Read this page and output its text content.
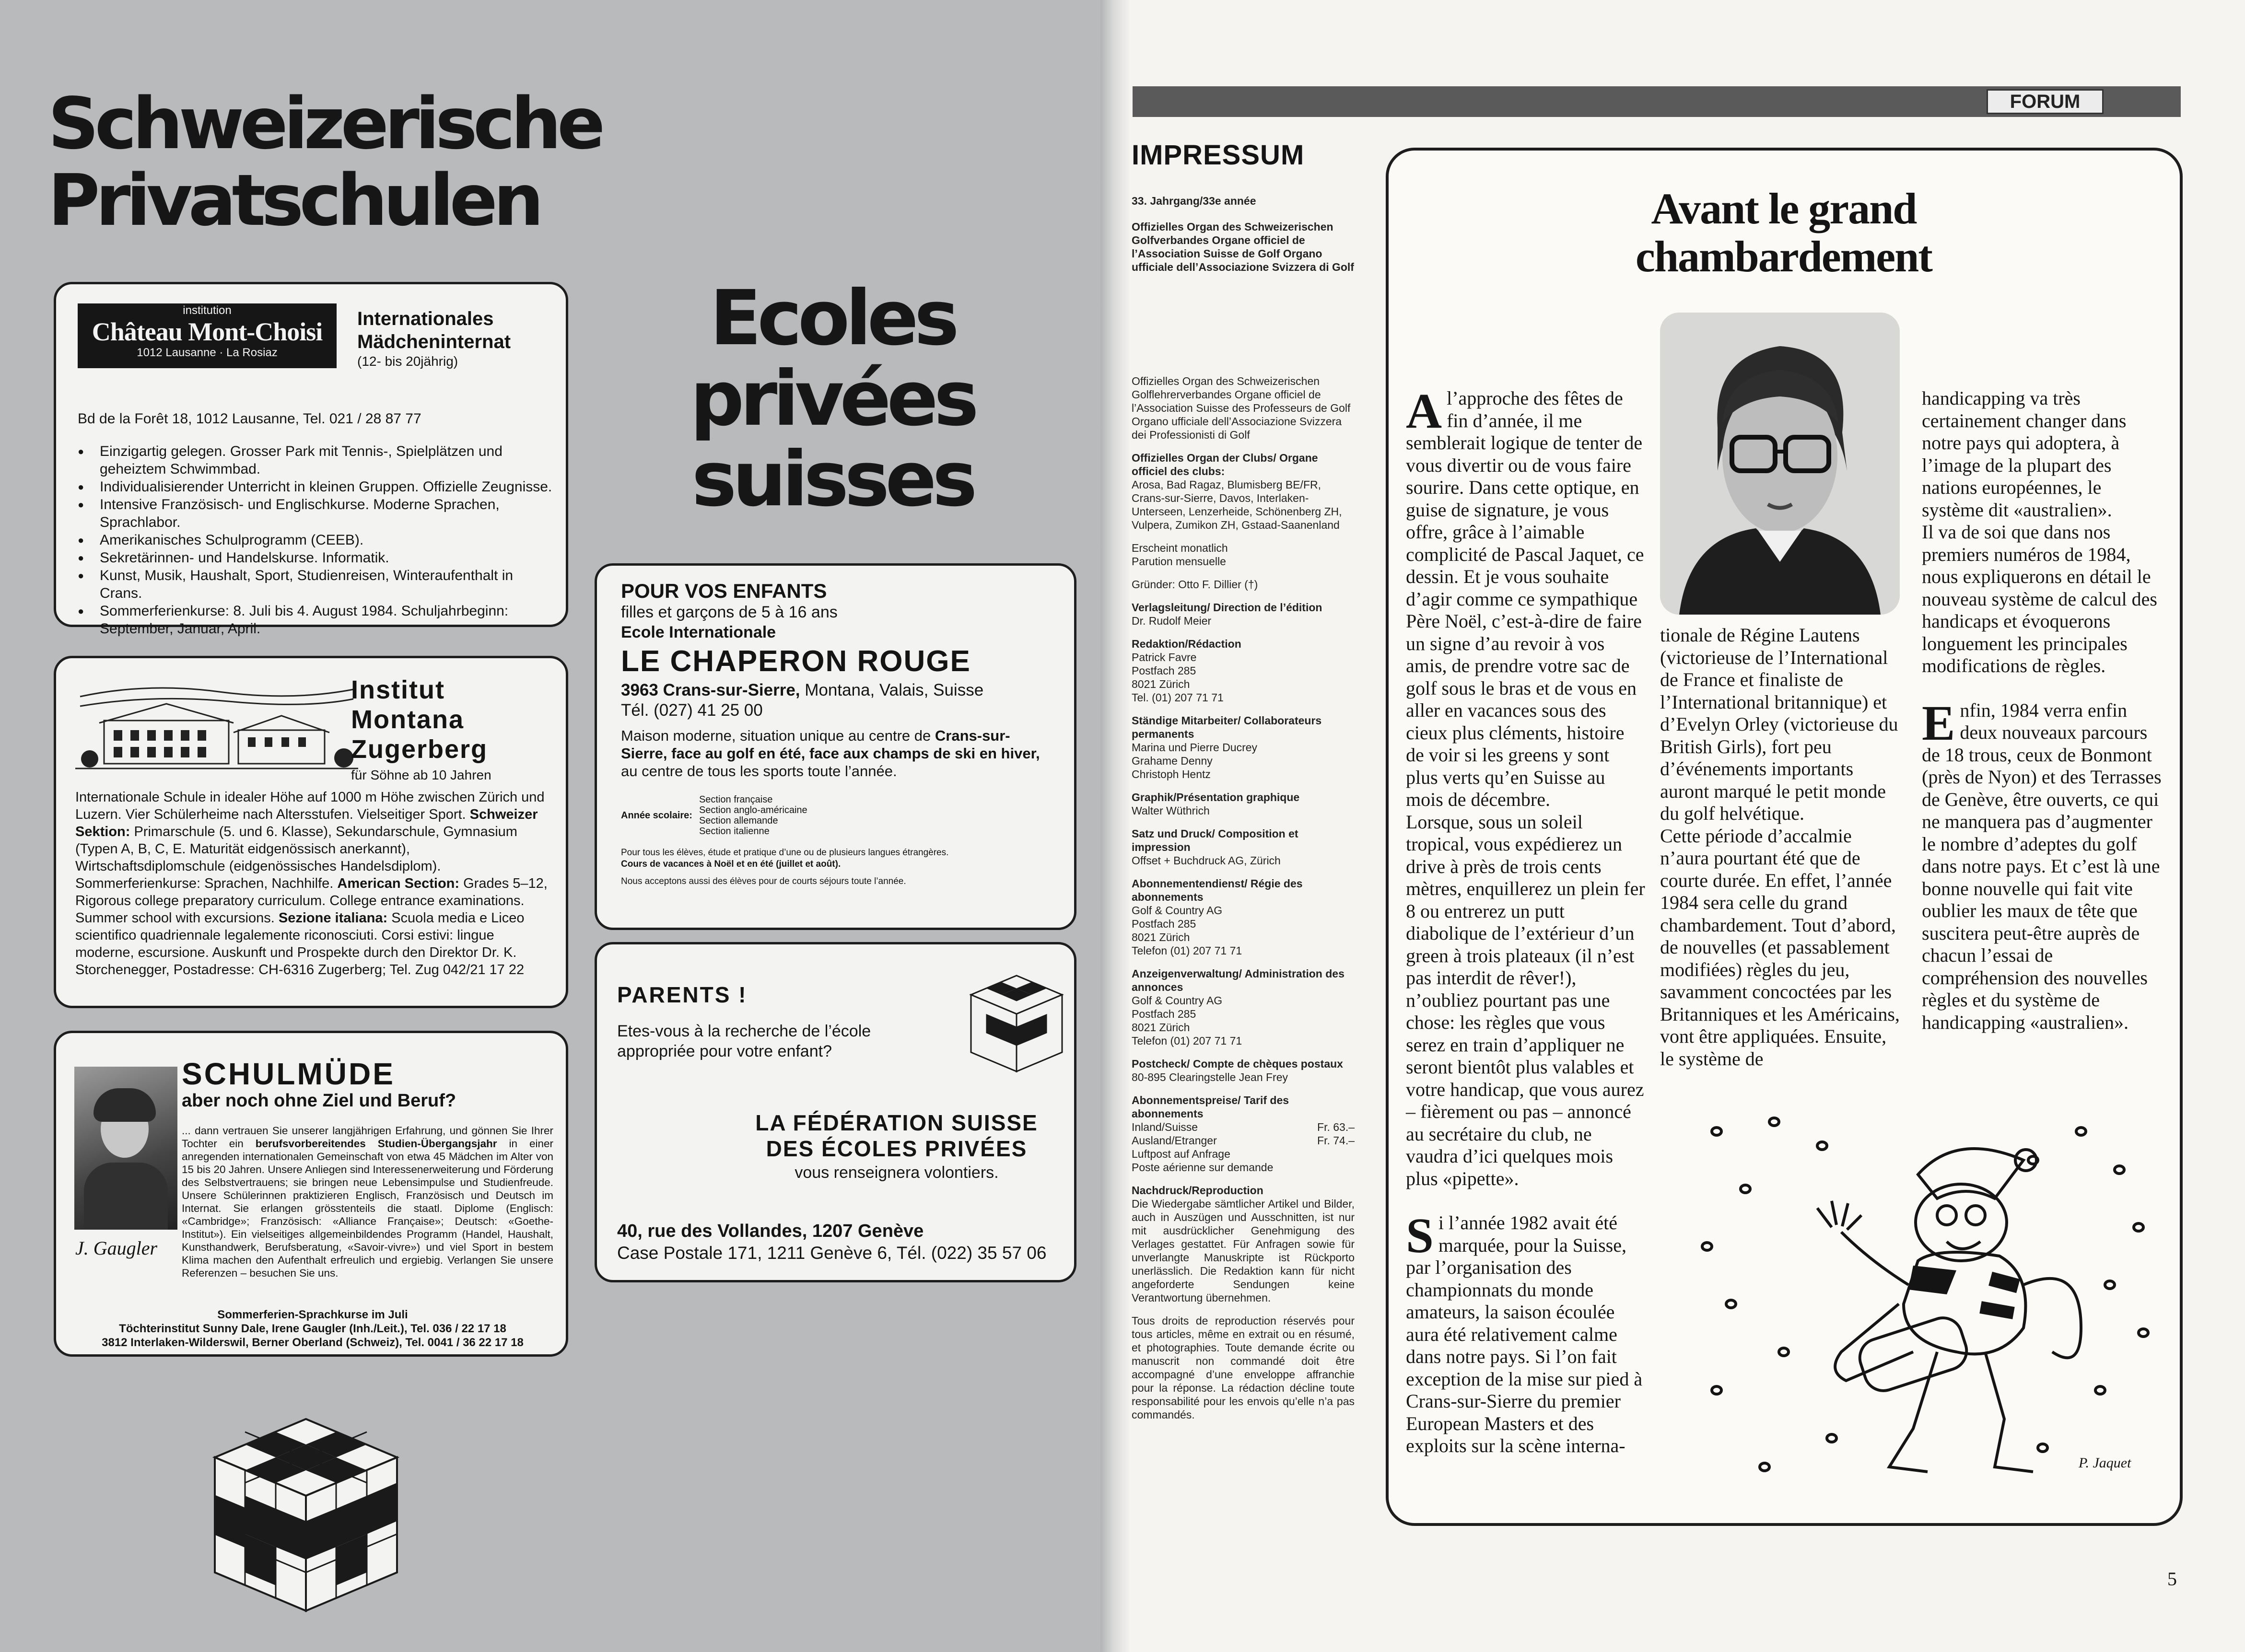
Schweizerische
Privatschulen
Ecoles privées
suisses
institution
Château Mont-Choisi
1012 Lausanne · La Rosiaz
Internationales
Mädcheninternat
(12- bis 20jährig)
Bd de la Forêt 18, 1012 Lausanne, Tel. 021 / 28 87 77
● Einzigartig gelegen. Grosser Park mit Tennis-, Spielplätzen und geheiztem Schwimmbad.
● Individualisierender Unterricht in kleinen Gruppen. Offizielle Zeugnisse.
● Intensive Französisch- und Englischkurse. Moderne Sprachen, Sprachlabor.
● Amerikanisches Schulprogramm (CEEB).
● Sekretärinnen- und Handelskurse. Informatik.
● Kunst, Musik, Haushalt, Sport, Studienreisen, Winteraufenthalt in Crans.
● Sommerferienkurse: 8. Juli bis 4. August 1984. Schuljahrbeginn: September, Januar, April.
Institut
Montana
Zugerberg
für Söhne ab 10 Jahren
Internationale Schule in idealer Höhe auf 1000 m Höhe zwischen Zürich und Luzern. Vier Schülerheime nach Altersstufen. Vielseitiger Sport. Schweizer Sektion: Primarschule (5. und 6. Klasse), Sekundarschule, Gymnasium (Typen A, B, C, E. Maturität eidgenössisch anerkannt), Wirtschaftsdiplomschule (eidgenössisches Handelsdiplom). Sommerferienkurse: Sprachen, Nachhilfe. American Section: Grades 5–12, Rigorous college preparatory curriculum. College entrance examinations. Summer school with excursions. Sezione italiana: Scuola media e Liceo scientifico quadriennale legalemente riconosciuti. Corsi estivi: lingue moderne, escursione. Auskunft und Prospekte durch den Direktor Dr. K. Storchenegger, Postadresse: CH-6316 Zugerberg; Tel. Zug 042/21 17 22
J. Gaugler
SCHULMÜDE
aber noch ohne Ziel und Beruf?
... dann vertrauen Sie unserer langjährigen Erfahrung, und gönnen Sie Ihrer Tochter ein berufsvorbereitendes Studien-Übergangsjahr in einer anregenden internationalen Gemeinschaft von etwa 45 Mädchen im Alter von 15 bis 20 Jahren. Unsere Anliegen sind Interessenerweiterung und Förderung des Selbstvertrauens; sie bringen neue Lebensimpulse und Studienfreude. Unsere Schülerinnen praktizieren Englisch, Französisch und Deutsch im Internat. Sie erlangen grösstenteils die staatl. Diplome (Englisch: «Cambridge»; Französisch: «Alliance Française»; Deutsch: «Goethe-Institut»). Ein vielseitiges allgemeinbildendes Programm (Handel, Haushalt, Kunsthandwerk, Berufsberatung, «Savoir-vivre») und viel Sport in bestem Klima machen den Aufenthalt erfreulich und ergiebig. Verlangen Sie unsere Referenzen – besuchen Sie uns.
Sommerferien-Sprachkurse im Juli
Töchterinstitut Sunny Dale, Irene Gaugler (Inh./Leit.), Tel. 036 / 22 17 18
3812 Interlaken-Wilderswil, Berner Oberland (Schweiz), Tel. 0041 / 36 22 17 18
POUR VOS ENFANTS
filles et garçons de 5 à 16 ans
Ecole Internationale
LE CHAPERON ROUGE
3963 Crans-sur-Sierre, Montana, Valais, Suisse
Tél. (027) 41 25 00
Maison moderne, situation unique au centre de Crans-sur-Sierre, face au golf en été, face aux champs de ski en hiver, au centre de tous les sports toute l’année.
Année scolaire:
Section française
Section anglo-américaine
Section allemande
Section italienne
Pour tous les élèves, étude et pratique d’une ou de plusieurs langues étrangères.
Cours de vacances à Noël et en été (juillet et août).
Nous acceptons aussi des élèves pour de courts séjours toute l’année.
PARENTS !
Etes-vous à la recherche de l’école appropriée pour votre enfant?
LA FÉDÉRATION SUISSE
DES ÉCOLES PRIVÉES
vous renseignera volontiers.
40, rue des Vollandes, 1207 Genève
Case Postale 171, 1211 Genève 6, Tél. (022) 35 57 06
FORUM
IMPRESSUM

33. Jahrgang/33e année

Offizielles Organ des Schweizerischen Golfverbandes Organe officiel de l’Association Suisse de Golf Organo ufficiale dell’Associazione Svizzera di Golf

Offizielles Organ des Schweizerischen Golflehrerverbandes Organe officiel de l’Association Suisse des Professeurs de Golf Organo ufficiale dell’Associazione Svizzera dei Professionisti di Golf

Offizielles Organ der Clubs/ Organe officiel des clubs:
Arosa, Bad Ragaz, Blumisberg BE/FR, Crans-sur-Sierre, Davos, Interlaken-Unterseen, Lenzerheide, Schönenberg ZH, Vulpera, Zumikon ZH, Gstaad-Saanenland

Erscheint monatlich
Parution mensuelle

Gründer: Otto F. Dillier (†)

Verlagsleitung/ Direction de l’édition
Dr. Rudolf Meier

Redaktion/Rédaction
Patrick Favre
Postfach 285
8021 Zürich
Tel. (01) 207 71 71

Ständige Mitarbeiter/ Collaborateurs permanents
Marina und Pierre Ducrey
Grahame Denny
Christoph Hentz

Graphik/Présentation graphique
Walter Wüthrich

Satz und Druck/ Composition et impression
Offset + Buchdruck AG, Zürich

Abonnementendienst/ Régie des abonnements
Golf & Country AG
Postfach 285
8021 Zürich
Telefon (01) 207 71 71

Anzeigenverwaltung/ Administration des annonces
Golf & Country AG
Postfach 285
8021 Zürich
Telefon (01) 207 71 71

Postcheck/ Compte de chèques postaux
80-895 Clearingstelle Jean Frey

Abonnementspreise/ Tarif des abonnements
Inland/Suisse	Fr. 63.–
Ausland/Etranger	Fr. 74.–
Luftpost auf Anfrage
Poste aérienne sur demande

Nachdruck/Reproduction
Die Wiedergabe sämtlicher Artikel und Bilder, auch in Auszügen und Ausschnitten, ist nur mit ausdrücklicher Genehmigung des Verlages gestattet. Für Anfragen sowie für unverlangte Manuskripte ist Rückporto unerlässlich. Die Redaktion kann für nicht angeforderte Sendungen keine Verantwortung übernehmen.

Tous droits de reproduction réservés pour tous articles, même en extrait ou en résumé, et photographies. Toute demande écrite ou manuscrit non commandé doit être accompagné d’une enveloppe affranchie pour la réponse. La rédaction décline toute responsabilité pour les envois qu’elle n’a pas commandés.

Avant le grand
chambardement

Al’approche des fêtes de fin d’année, il me semblerait logique de tenter de vous divertir ou de vous faire sourire. Dans cette optique, en guise de signature, je vous offre, grâce à l’aimable complicité de Pascal Jaquet, ce dessin. Et je vous souhaite d’agir comme ce sympathique Père Noël, c’est-à-dire de faire un signe d’au revoir à vos amis, de prendre votre sac de golf sous le bras et de vous en aller en vacances sous des cieux plus cléments, histoire de voir si les greens y sont plus verts qu’en Suisse au mois de décembre.

Lorsque, sous un soleil tropical, vous expédierez un drive à près de trois cents mètres, enquillerez un plein fer 8 ou entrerez un putt diabolique de l’extérieur d’un green à trois plateaux (il n’est pas interdit de rêver!), n’oubliez pourtant pas une chose: les règles que vous serez en train d’appliquer ne seront bientôt plus valables et votre handicap, que vous aurez – fièrement ou pas – annoncé au secrétaire du club, ne vaudra d’ici quelques mois plus «pipette».

Si l’année 1982 avait été marquée, pour la Suisse, par l’organisation des championnats du monde amateurs, la saison écoulée aura été relativement calme dans notre pays. Si l’on fait exception de la mise sur pied à Crans-sur-Sierre du premier European Masters et des exploits sur la scène interna-

tionale de Régine Lautens (victorieuse de l’International de France et finaliste de l’International britannique) et d’Evelyn Orley (victorieuse du British Girls), fort peu d’événements importants auront marqué le petit monde du golf helvétique.

Cette période d’accalmie n’aura pourtant été que de courte durée. En effet, l’année 1984 sera celle du grand chambardement. Tout d’abord, de nouvelles (et passablement modifiées) règles du jeu, savamment concoctées par les Britanniques et les Américains, vont être appliquées. Ensuite, le système de

handicapping va très certainement changer dans notre pays qui adoptera, à l’image de la plupart des nations européennes, le système dit «australien».

Il va de soi que dans nos premiers numéros de 1984, nous expliquerons en détail le nouveau système de calcul des handicaps et évoquerons longuement les principales modifications de règles.

Enfin, 1984 verra enfin deux nouveaux parcours de 18 trous, ceux de Bonmont (près de Nyon) et des Terrasses de Genève, être ouverts, ce qui ne manquera pas d’augmenter le nombre d’adeptes du golf dans notre pays. Et c’est là une bonne nouvelle qui fait vite oublier les maux de tête que suscitera peut-être auprès de chacun l’essai de compréhension des nouvelles règles et du système de handicapping «australien».

P. Jaquet
5
